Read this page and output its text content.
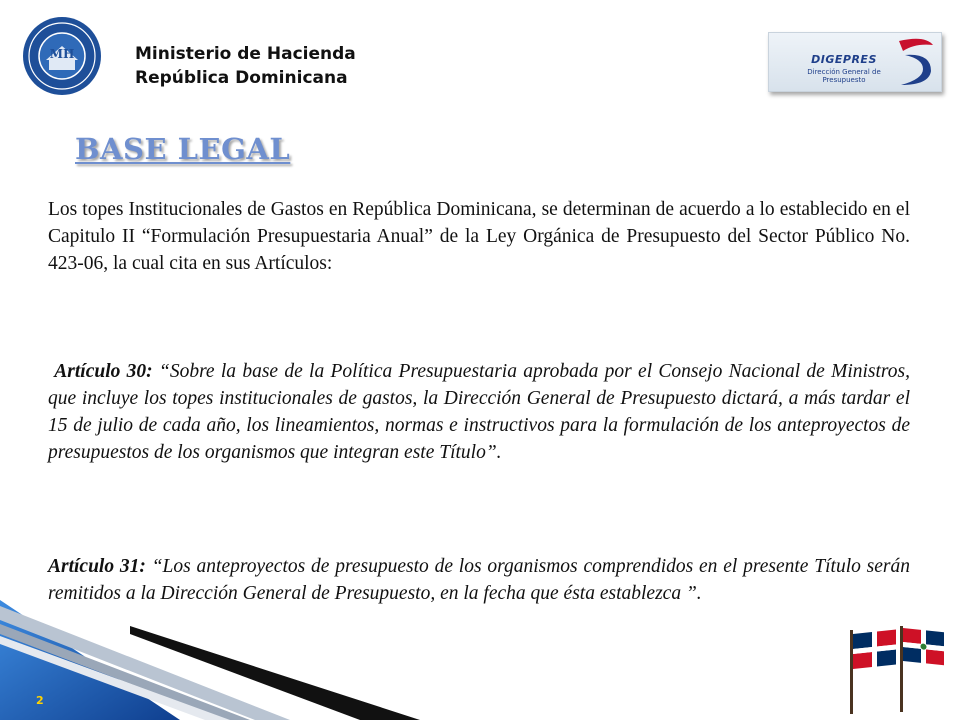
MH	Ministerio de Hacienda
República Dominicana
DIGEPRES
Dirección General de Presupuesto
BASE LEGAL
Los topes Institucionales de Gastos en República Dominicana, se determinan de acuerdo a lo establecido en el Capitulo II “Formulación Presupuestaria Anual” de la Ley Orgánica de Presupuesto del Sector Público No. 423-06, la cual cita en sus Artículos:
Artículo 30: “Sobre la base de la Política Presupuestaria aprobada por el Consejo Nacional de Ministros, que incluye los topes institucionales de gastos, la Dirección General de Presupuesto dictará, a más tardar el 15 de julio de cada año, los lineamientos, normas e instructivos para la formulación de los anteproyectos de presupuestos de los organismos que integran este Título”.
Artículo 31: “Los anteproyectos de presupuesto de los organismos comprendidos en el presente Título serán remitidos a la Dirección General de Presupuesto, en la fecha que ésta establezca ”.
2
